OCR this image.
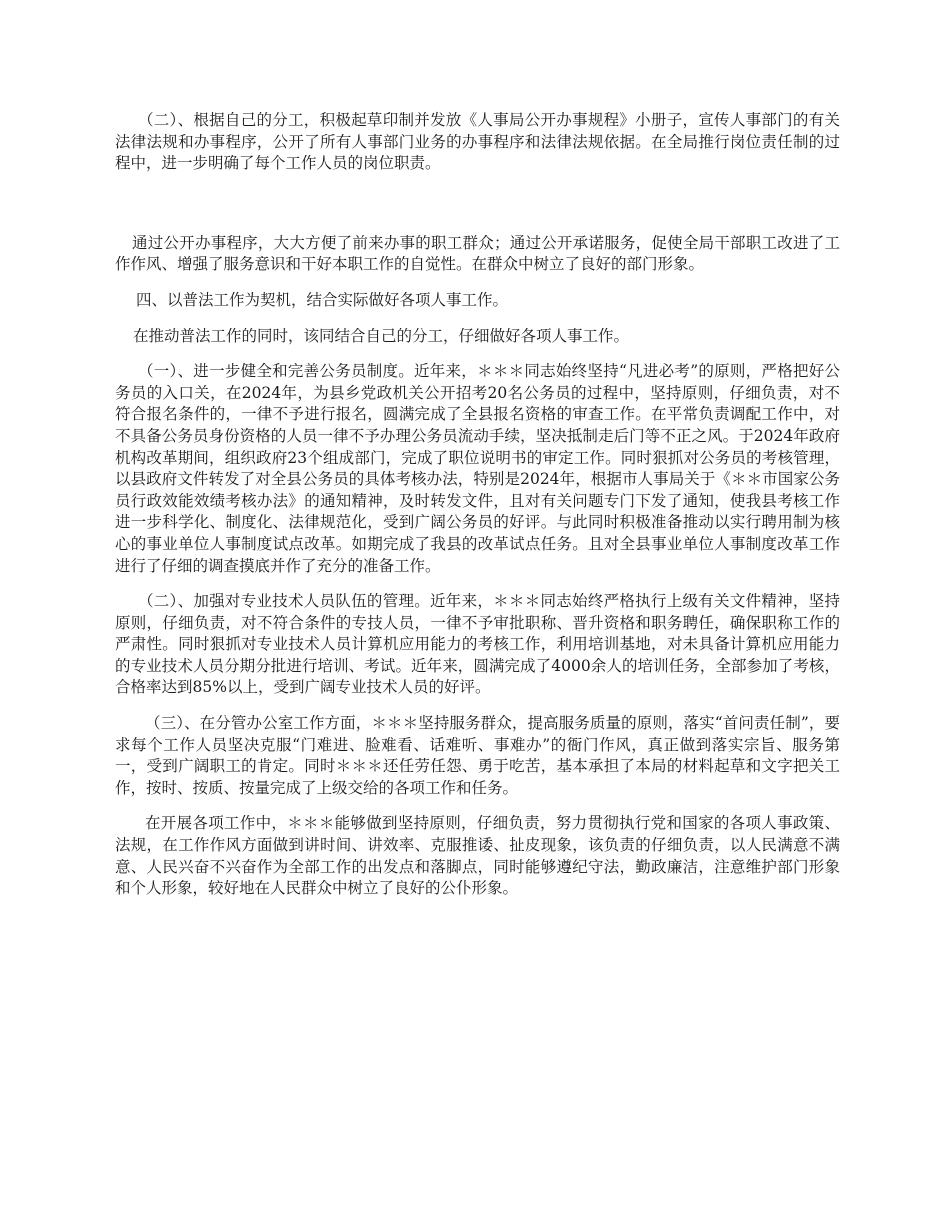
（二）、根据自己的分工，积极起草印制并发放《人事局公开办事规程》小册子，宣传人事部门的有关法律法规和办事程序，公开了所有人事部门业务的办事程序和法律法规依据。在全局推行岗位责任制的过程中，进一步明确了每个工作人员的岗位职责。

通过公开办事程序，大大方便了前来办事的职工群众；通过公开承诺服务，促使全局干部职工改进了工作作风、增强了服务意识和干好本职工作的自觉性。在群众中树立了良好的部门形象。

四、以普法工作为契机，结合实际做好各项人事工作。

在推动普法工作的同时，该同结合自己的分工，仔细做好各项人事工作。

（一）、进一步健全和完善公务员制度。近年来，＊＊＊同志始终坚持“凡进必考”的原则，严格把好公务员的入口关，在2024年，为县乡党政机关公开招考20名公务员的过程中，坚持原则，仔细负责，对不符合报名条件的，一律不予进行报名，圆满完成了全县报名资格的审查工作。在平常负责调配工作中，对不具备公务员身份资格的人员一律不予办理公务员流动手续，坚决抵制走后门等不正之风。于2024年政府机构改革期间，组织政府23个组成部门，完成了职位说明书的审定工作。同时狠抓对公务员的考核管理，以县政府文件转发了对全县公务员的具体考核办法，特别是2024年，根据市人事局关于《＊＊市国家公务员行政效能效绩考核办法》的通知精神，及时转发文件，且对有关问题专门下发了通知，使我县考核工作进一步科学化、制度化、法律规范化，受到广阔公务员的好评。与此同时积极准备推动以实行聘用制为核心的事业单位人事制度试点改革。如期完成了我县的改革试点任务。且对全县事业单位人事制度改革工作进行了仔细的调查摸底并作了充分的准备工作。

（二）、加强对专业技术人员队伍的管理。近年来，＊＊＊同志始终严格执行上级有关文件精神，坚持原则，仔细负责，对不符合条件的专技人员，一律不予审批职称、晋升资格和职务聘任，确保职称工作的严肃性。同时狠抓对专业技术人员计算机应用能力的考核工作，利用培训基地，对未具备计算机应用能力的专业技术人员分期分批进行培训、考试。近年来，圆满完成了4000余人的培训任务，全部参加了考核，合格率达到85%以上，受到广阔专业技术人员的好评。

（三）、在分管办公室工作方面，＊＊＊坚持服务群众，提高服务质量的原则，落实“首问责任制”，要求每个工作人员坚决克服“门难进、脸难看、话难听、事难办”的衙门作风，真正做到落实宗旨、服务第一，受到广阔职工的肯定。同时＊＊＊还任劳任怨、勇于吃苦，基本承担了本局的材料起草和文字把关工作，按时、按质、按量完成了上级交给的各项工作和任务。

在开展各项工作中，＊＊＊能够做到坚持原则，仔细负责，努力贯彻执行党和国家的各项人事政策、法规，在工作作风方面做到讲时间、讲效率、克服推诿、扯皮现象，该负责的仔细负责，以人民满意不满意、人民兴奋不兴奋作为全部工作的出发点和落脚点，同时能够遵纪守法，勤政廉洁，注意维护部门形象和个人形象，较好地在人民群众中树立了良好的公仆形象。
